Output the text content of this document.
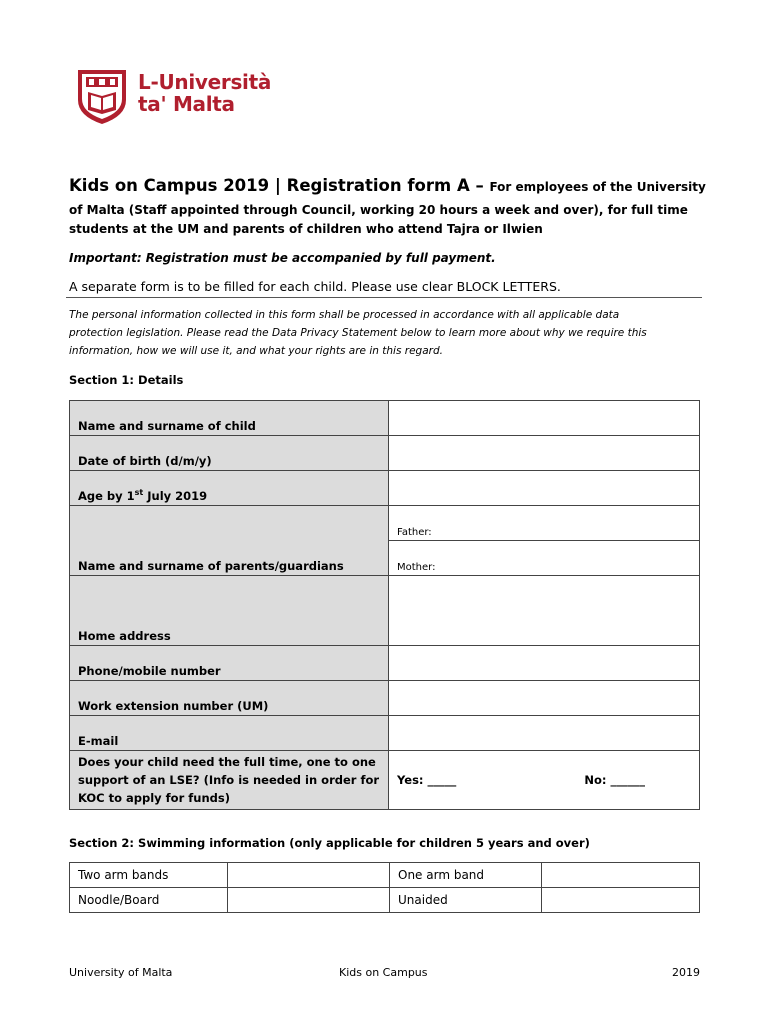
L-Università
ta' Malta
Kids on Campus 2019 | Registration form A – For employees of the University
of Malta (Staff appointed through Council, working 20 hours a week and over), for full time
students at the UM and parents of children who attend Tajra or Ilwien
Important: Registration must be accompanied by full payment.
A separate form is to be filled for each child. Please use clear BLOCK LETTERS.
The personal information collected in this form shall be processed in accordance with all applicable data
protection legislation. Please read the Data Privacy Statement below to learn more about why we require this
information, how we will use it, and what your rights are in this regard.
Section 1: Details
Name and surname of child	
Date of birth (d/m/y)	
Age by 1st July 2019	
Name and surname of parents/guardians	Father:
	Mother:
Home address	
Phone/mobile number	
Work extension number (UM)	
E-mail	
Does your child need the full time, one to one support of an LSE? (Info is needed in order for KOC to apply for funds)	Yes: _____ No: ______
Section 2: Swimming information (only applicable for children 5 years and over)
Two arm bands		One arm band	
Noodle/Board		Unaided	
University of Malta	Kids on Campus	2019
